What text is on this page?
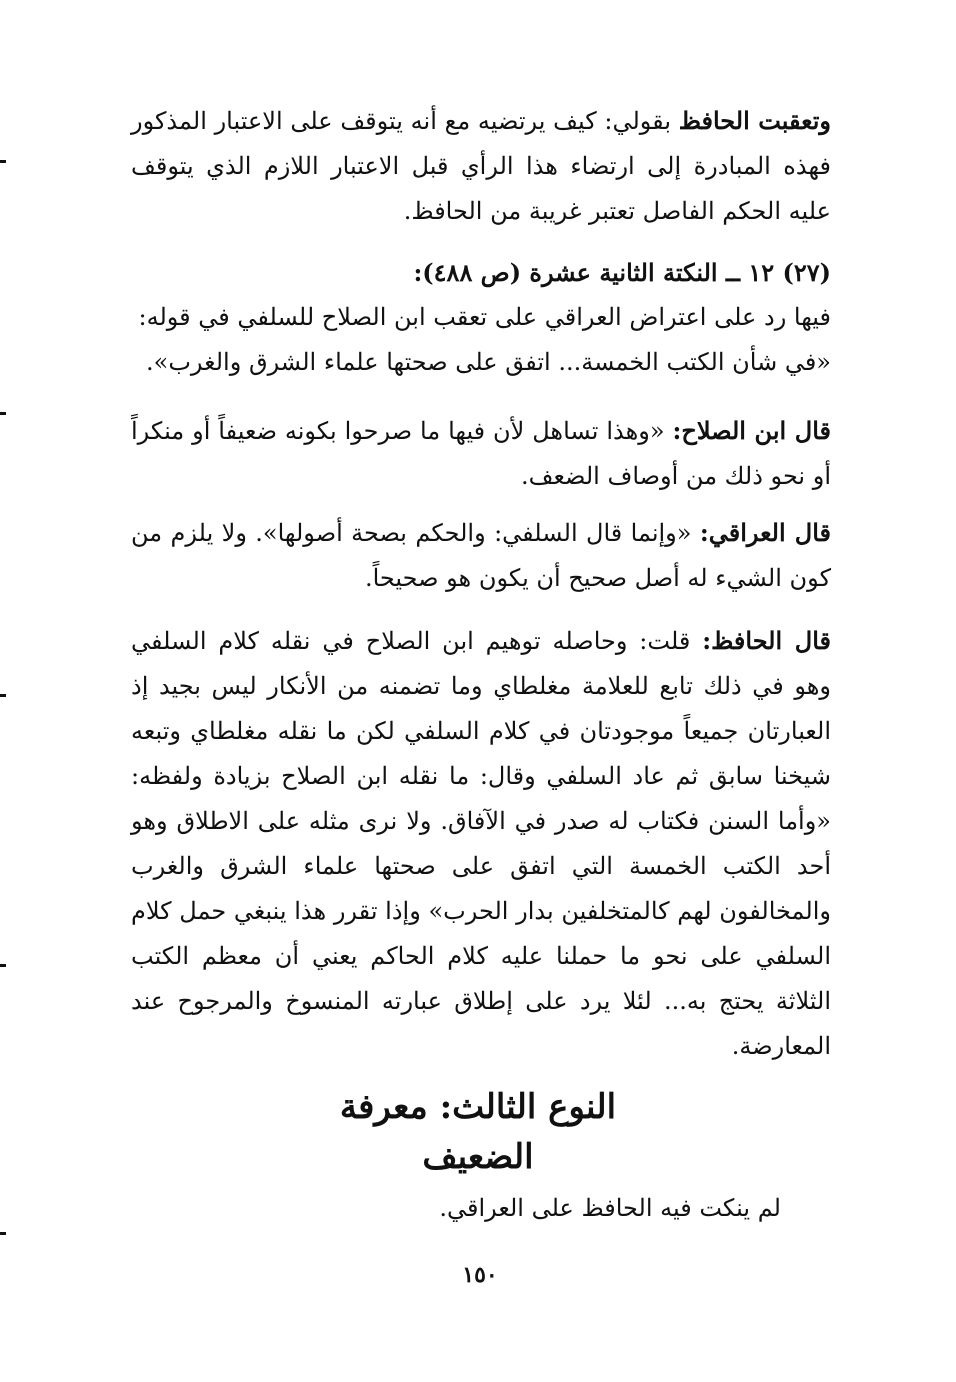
وتعقبت الحافظ بقولي: كيف يرتضيه مع أنه يتوقف على الاعتبار المذكور فهذه المبادرة إلى ارتضاء هذا الرأي قبل الاعتبار اللازم الذي يتوقف عليه الحكم الفاصل تعتبر غريبة من الحافظ.

(٢٧) ١٢ ــ النكتة الثانية عشرة (ص ٤٨٨):
فيها رد على اعتراض العراقي على تعقب ابن الصلاح للسلفي في قوله:
«في شأن الكتب الخمسة... اتفق على صحتها علماء الشرق والغرب».

قال ابن الصلاح: «وهذا تساهل لأن فيها ما صرحوا بكونه ضعيفاً أو منكراً أو نحو ذلك من أوصاف الضعف.

قال العراقي: «وإنما قال السلفي: والحكم بصحة أصولها». ولا يلزم من كون الشيء له أصل صحيح أن يكون هو صحيحاً.

قال الحافظ: قلت: وحاصله توهيم ابن الصلاح في نقله كلام السلفي وهو في ذلك تابع للعلامة مغلطاي وما تضمنه من الأنكار ليس بجيد إذ العبارتان جميعاً موجودتان في كلام السلفي لكن ما نقله مغلطاي وتبعه شيخنا سابق ثم عاد السلفي وقال: ما نقله ابن الصلاح بزيادة ولفظه: «وأما السنن فكتاب له صدر في الآفاق. ولا نرى مثله على الاطلاق وهو أحد الكتب الخمسة التي اتفق على صحتها علماء الشرق والغرب والمخالفون لهم كالمتخلفين بدار الحرب» وإذا تقرر هذا ينبغي حمل كلام السلفي على نحو ما حملنا عليه كلام الحاكم يعني أن معظم الكتب الثلاثة يحتج به... لئلا يرد على إطلاق عبارته المنسوخ والمرجوح عند المعارضة.

النوع الثالث: معرفة الضعيف

لم ينكت فيه الحافظ على العراقي.

١٥٠
